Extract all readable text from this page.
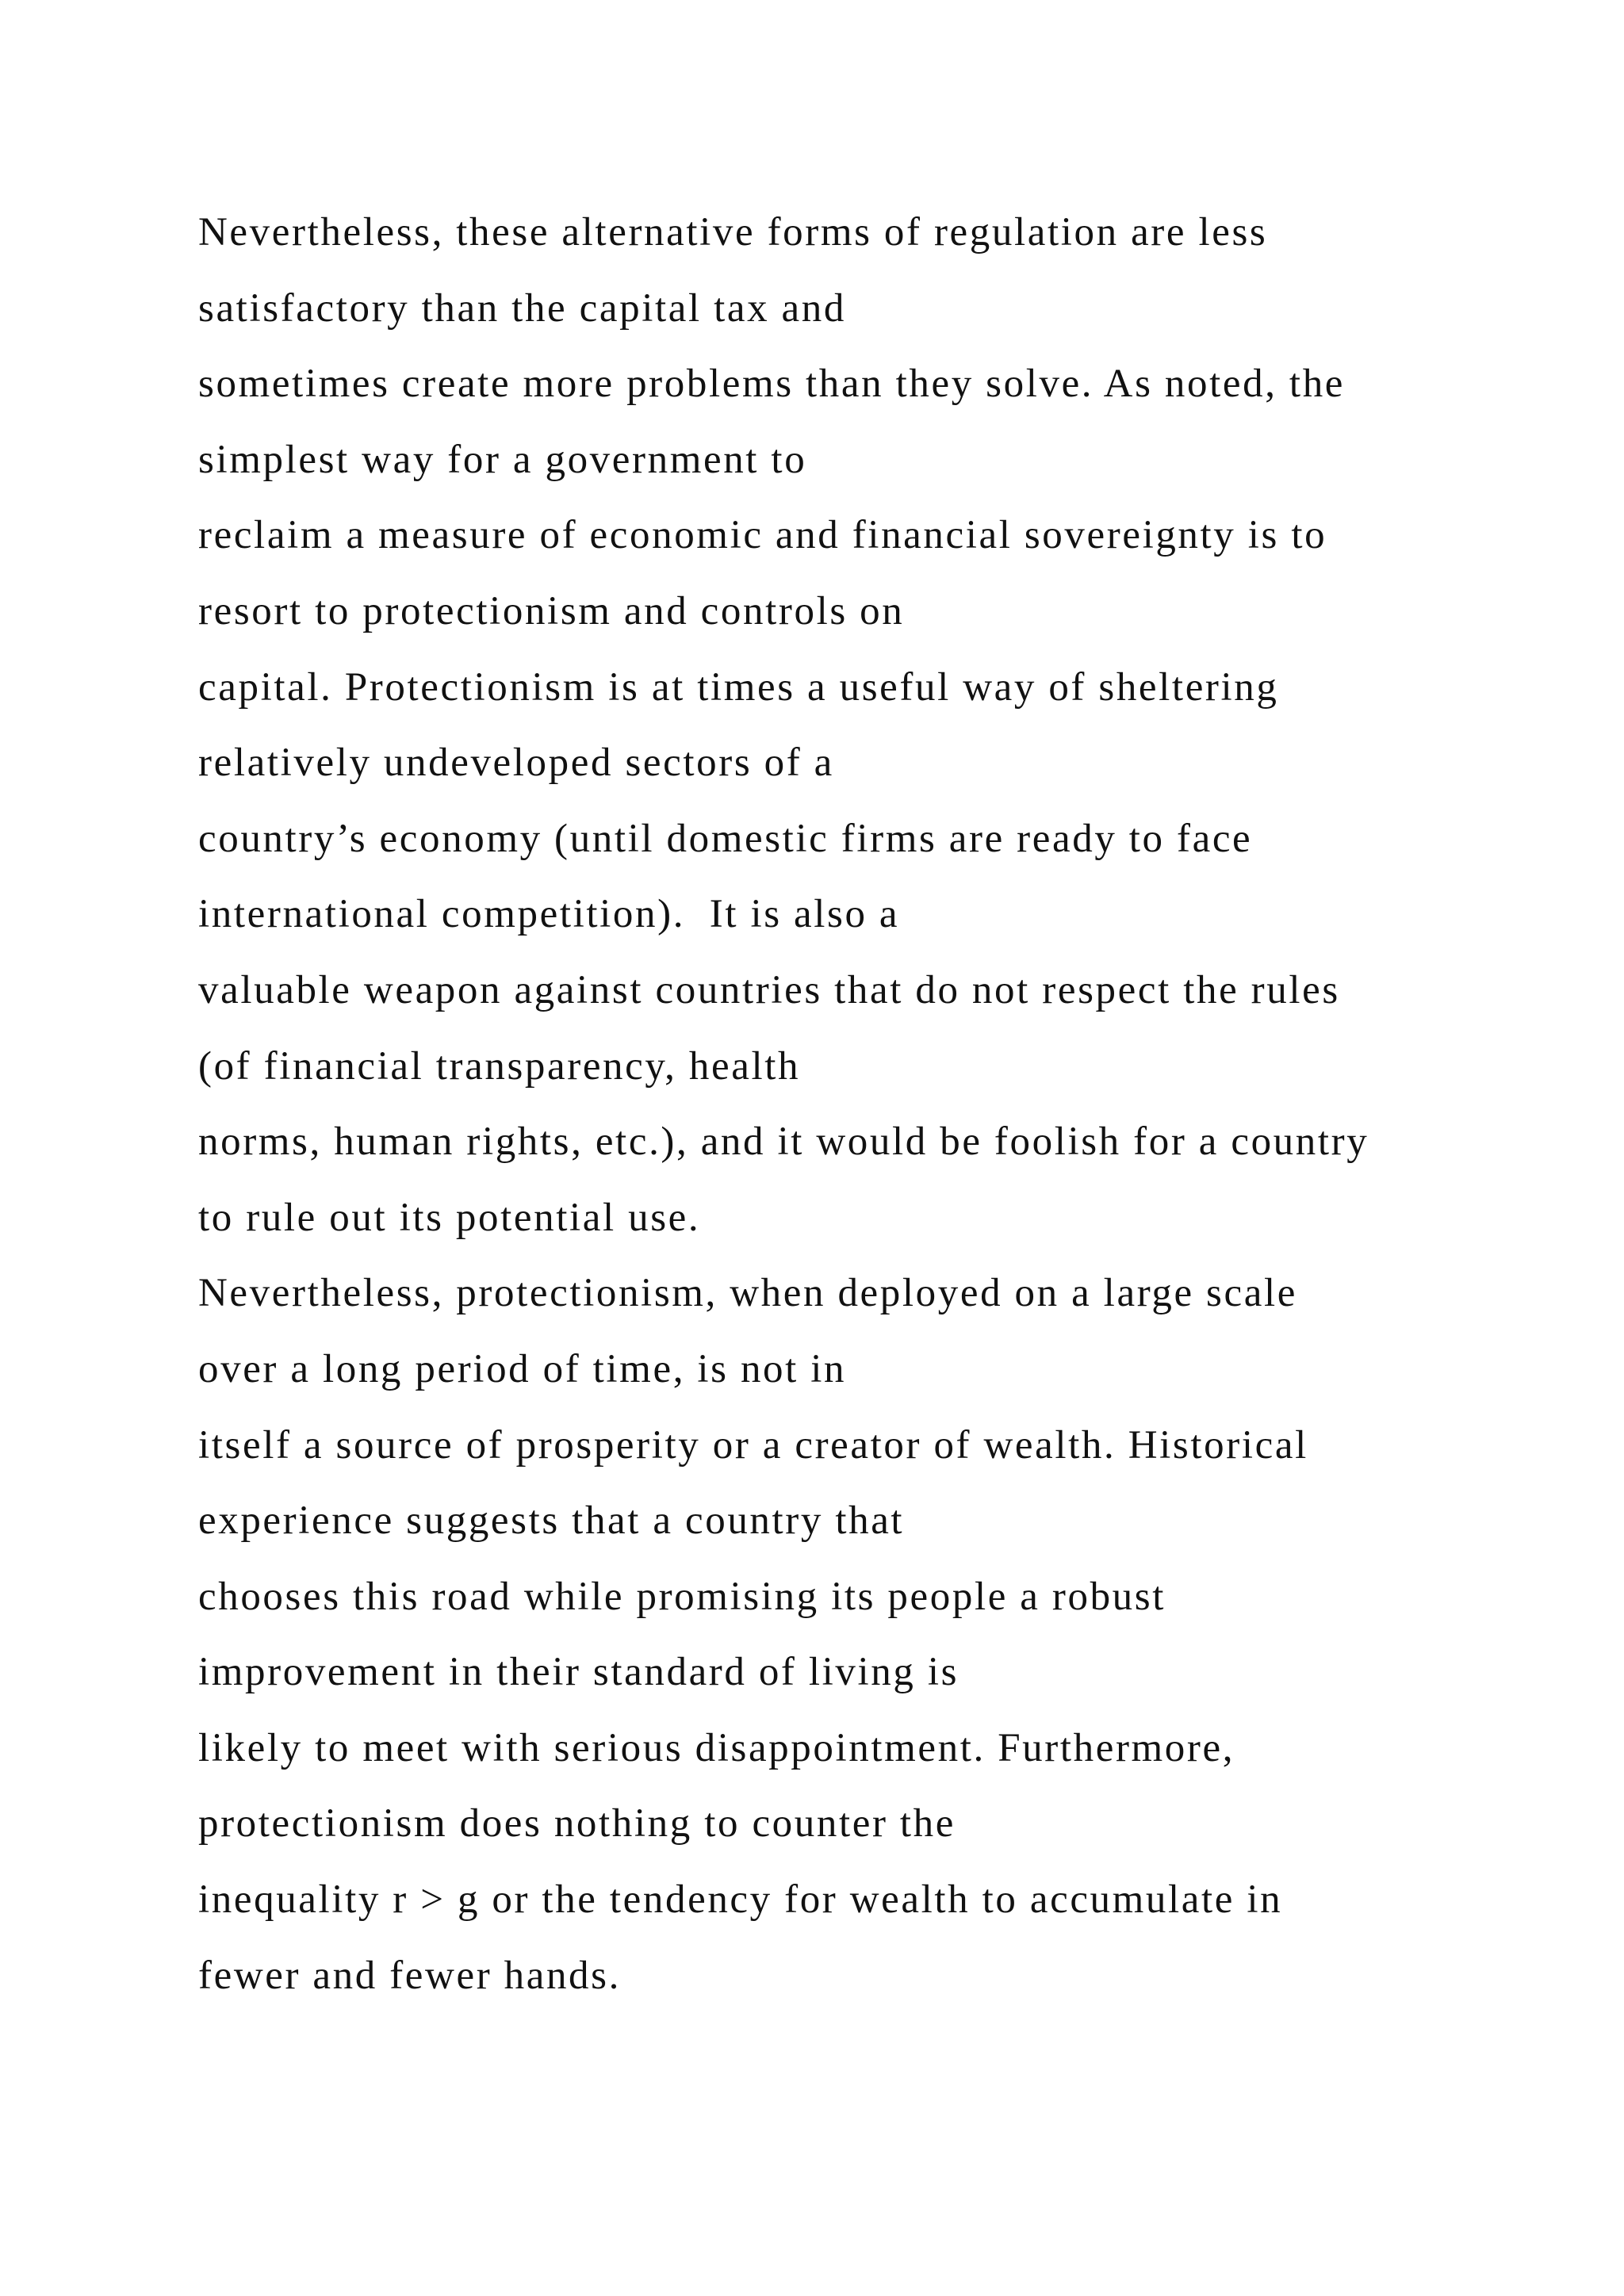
Nevertheless, these alternative forms of regulation are less
satisfactory than the capital tax and
sometimes create more problems than they solve. As noted, the
simplest way for a government to
reclaim a measure of economic and financial sovereignty is to
resort to protectionism and controls on
capital. Protectionism is at times a useful way of sheltering
relatively undeveloped sectors of a
country’s economy (until domestic firms are ready to face
international competition).  It is also a
valuable weapon against countries that do not respect the rules
(of financial transparency, health
norms, human rights, etc.), and it would be foolish for a country
to rule out its potential use.
Nevertheless, protectionism, when deployed on a large scale
over a long period of time, is not in
itself a source of prosperity or a creator of wealth. Historical
experience suggests that a country that
chooses this road while promising its people a robust
improvement in their standard of living is
likely to meet with serious disappointment. Furthermore,
protectionism does nothing to counter the
inequality r > g or the tendency for wealth to accumulate in
fewer and fewer hands.
